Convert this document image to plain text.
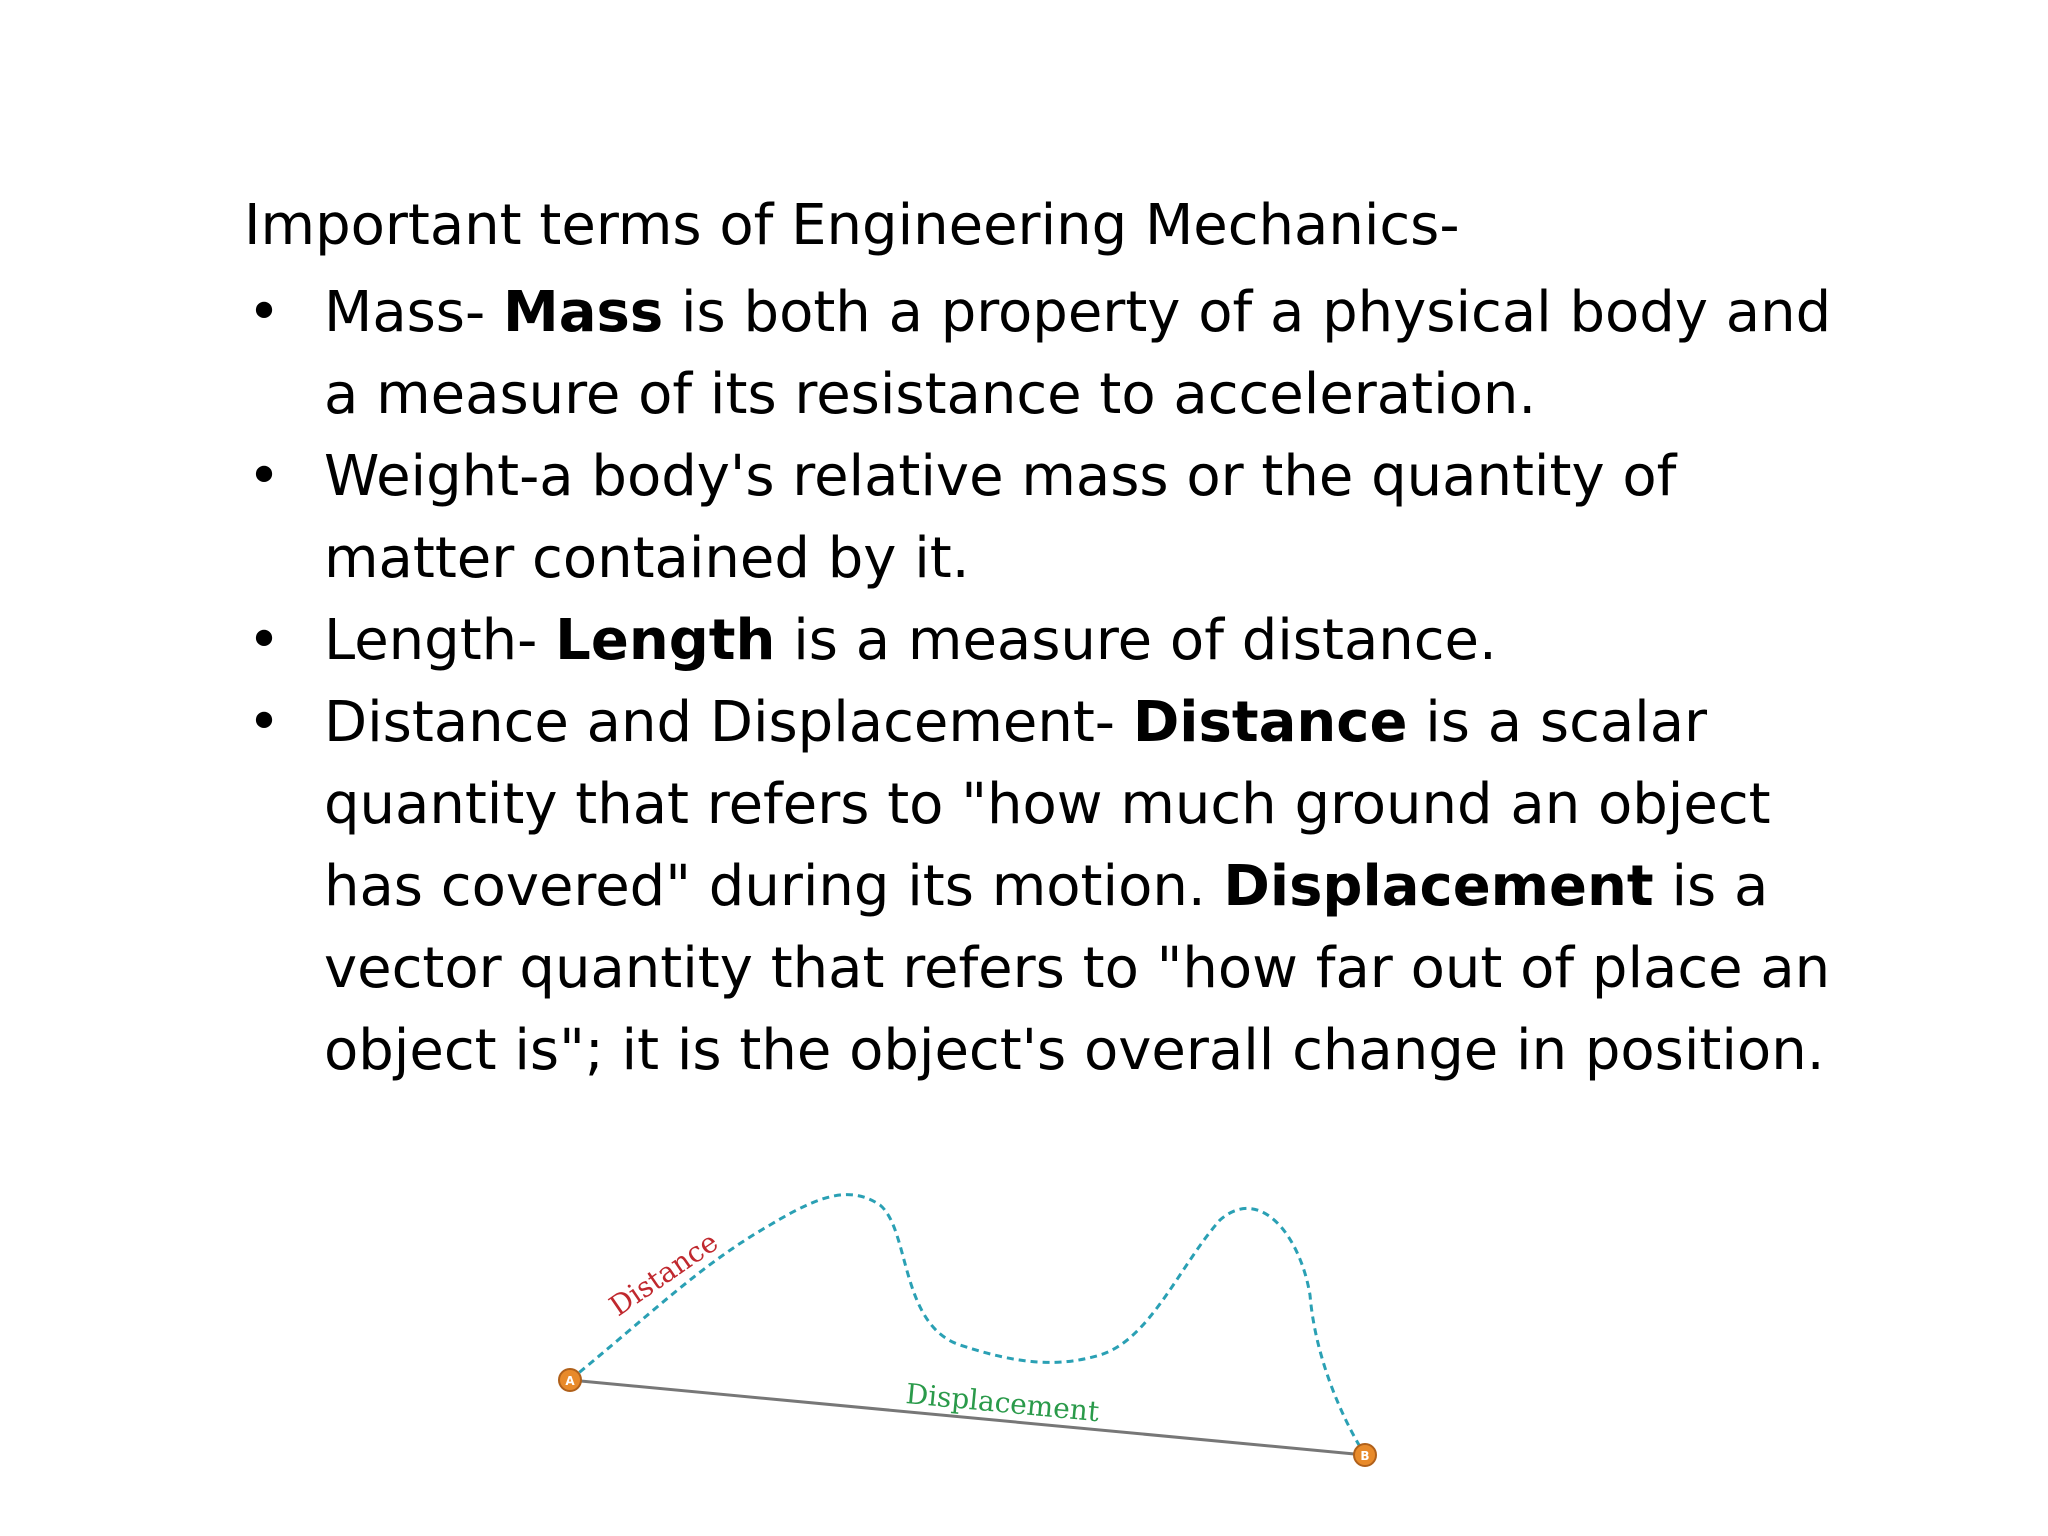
Important terms of Engineering Mechanics-
• Mass- Mass is both a property of a physical body and
a measure of its resistance to acceleration.
• Weight-a body's relative mass or the quantity of
matter contained by it.
• Length- Length is a measure of distance.
• Distance and Displacement- Distance is a scalar
quantity that refers to "how much ground an object
has covered" during its motion. Displacement is a
vector quantity that refers to "how far out of place an
object is"; it is the object's overall change in position.
Distance
Displacement
A
B
